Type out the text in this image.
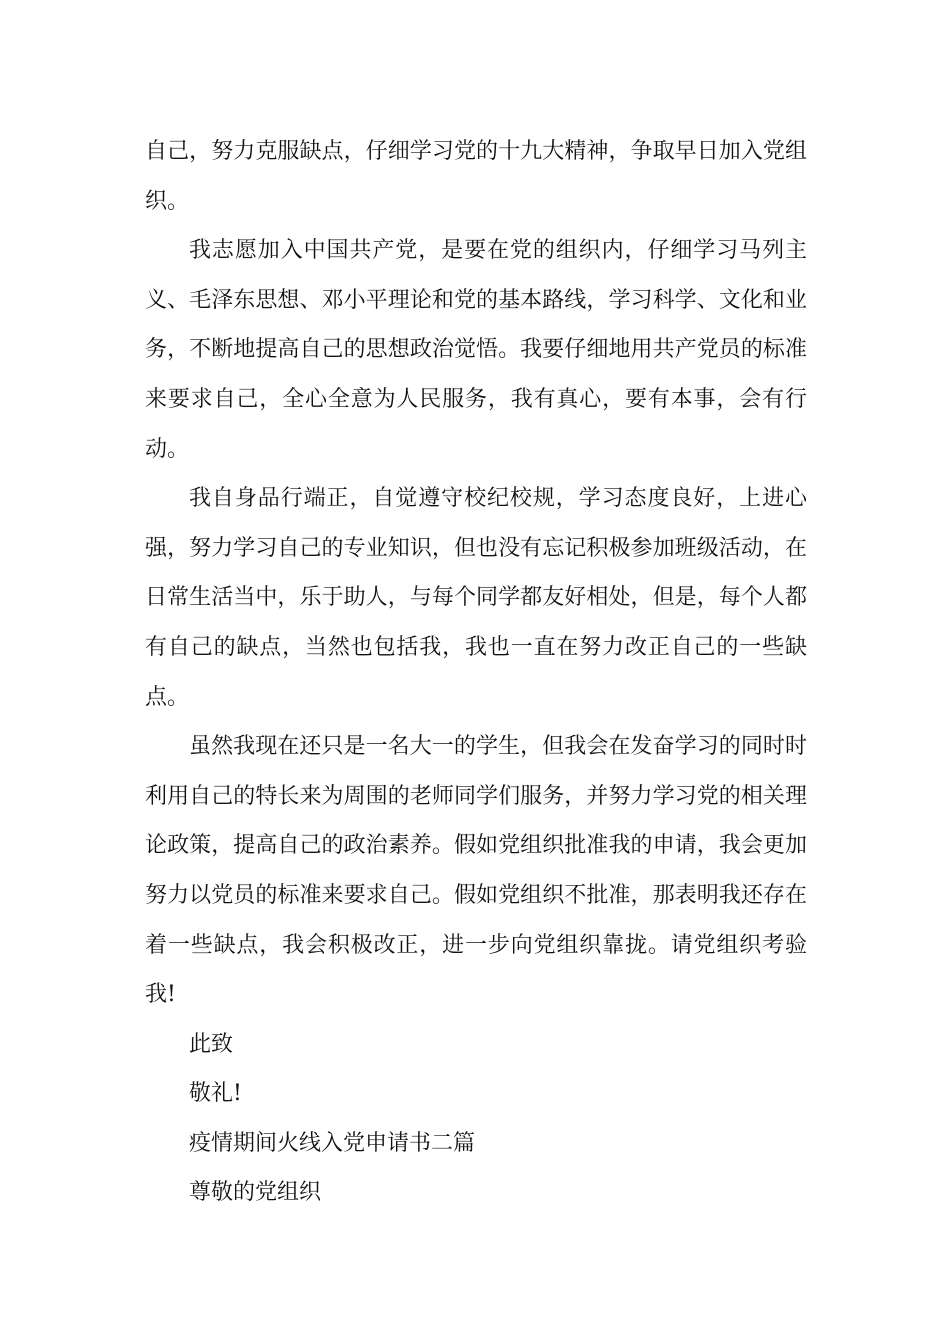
自己，努力克服缺点，仔细学习党的十九大精神，争取早日加入党组织。

我志愿加入中国共产党，是要在党的组织内，仔细学习马列主义、毛泽东思想、邓小平理论和党的基本路线，学习科学、文化和业务，不断地提高自己的思想政治觉悟。我要仔细地用共产党员的标准来要求自己，全心全意为人民服务，我有真心，要有本事，会有行动。

我自身品行端正，自觉遵守校纪校规，学习态度良好，上进心强，努力学习自己的专业知识，但也没有忘记积极参加班级活动，在日常生活当中，乐于助人，与每个同学都友好相处，但是，每个人都有自己的缺点，当然也包括我，我也一直在努力改正自己的一些缺点。

虽然我现在还只是一名大一的学生，但我会在发奋学习的同时时利用自己的特长来为周围的老师同学们服务，并努力学习党的相关理论政策，提高自己的政治素养。假如党组织批准我的申请，我会更加努力以党员的标准来要求自己。假如党组织不批准，那表明我还存在着一些缺点，我会积极改正，进一步向党组织靠拢。请党组织考验我!

此致

敬礼!

疫情期间火线入党申请书二篇

尊敬的党组织
